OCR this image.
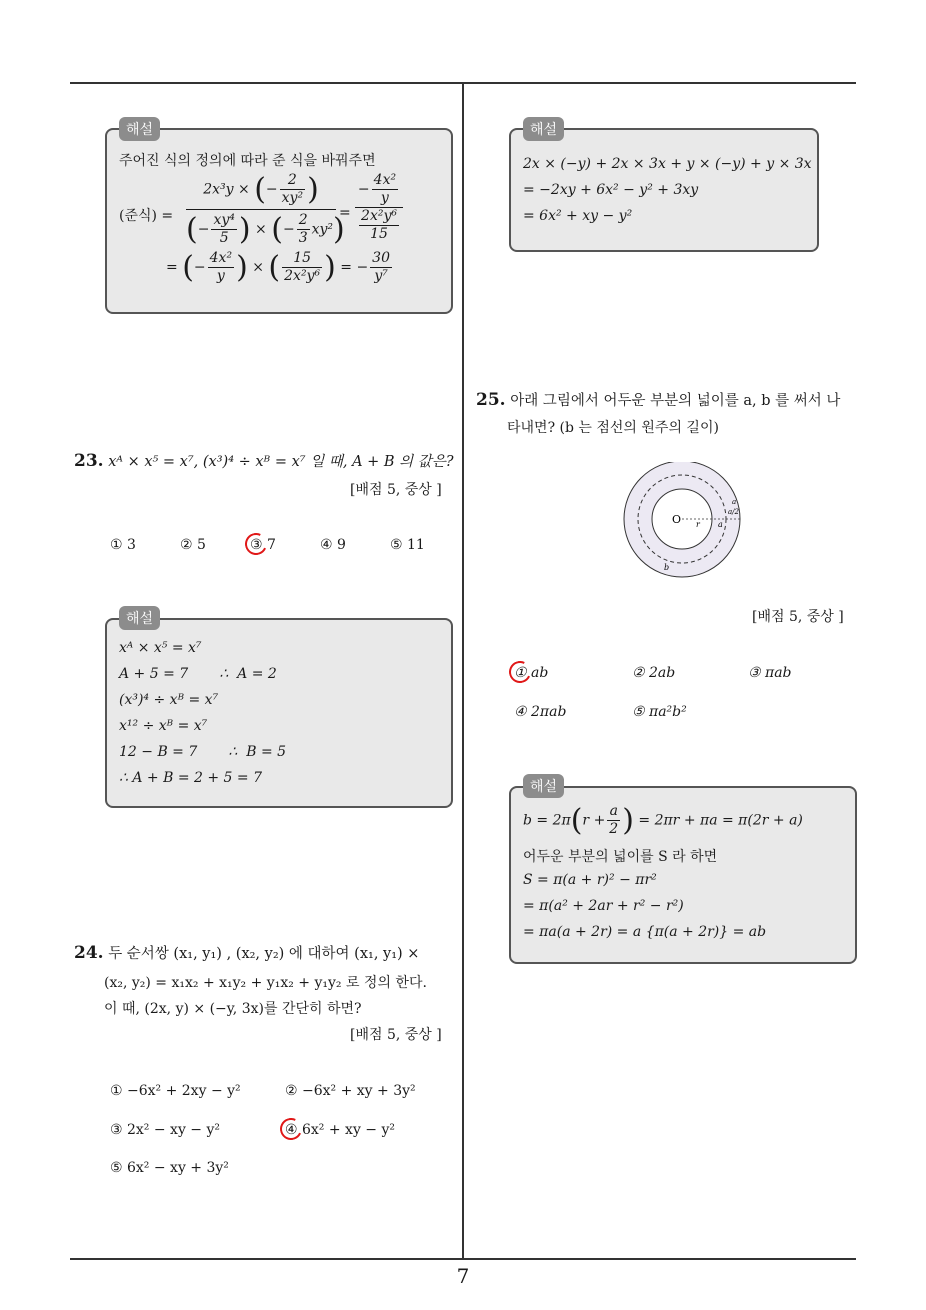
해설
주어진 식의 정의에 따라 준 식을 바꿔주면
(준식) =
2x³y × (− $\frac{2}{\text{xy²}}$ )
(− $\frac{\text{xy⁴}}{5}$ ) × (− $\frac{2}{3} xy^2$)
=
− $\frac{\text{4x²}}{y}$
$\frac{\text{2x²y⁶}}{15}$
= (− $\frac{\text{4x²}}{y}$ ) × ( $\frac{15}{\text{2x²y⁶}}$ ) = − $\frac{30}{\text{y⁷}}$
23. xᴬ × x⁵ = x⁷, (x³)⁴ ÷ xᴮ = x⁷ 일 때, A + B 의 값은?
[배점 5, 중상 ]
① 3	② 5	③ 7	④ 9	⑤ 11
해설
xᴬ × x⁵ = x⁷
A + 5 = 7       ∴  A = 2
(x³)⁴ ÷ xᴮ = x⁷
x¹² ÷ xᴮ = x⁷
12 − B = 7       ∴  B = 5
∴ A + B = 2 + 5 = 7
24. 두 순서쌍 (x₁, y₁) , (x₂, y₂) 에 대하여 (x₁, y₁) ×
(x₂, y₂) = x₁x₂ + x₁y₂ + y₁x₂ + y₁y₂ 로 정의 한다.
이 때, (2x, y) × (−y, 3x)를 간단히 하면?
[배점 5, 중상 ]
① −6x² + 2xy − y²	② −6x² + xy + 3y²
③ 2x² − xy − y²	④ 6x² + xy − y²
⑤ 6x² − xy + 3y²
해설
2x × (−y) + 2x × 3x + y × (−y) + y × 3x
= −2xy + 6x² − y² + 3xy
= 6x² + xy − y²
25. 아래 그림에서 어두운 부분의 넓이를 a, b 를 써서 나
타내면? (b 는 점선의 원주의 길이)
O r a
a/2
a
b
[배점 5, 중상 ]
① ab	② 2ab	③ πab
④ 2πab	⑤ πa²b²
해설
$b = 2\pi(r + \frac{a}{2}$ ) = 2πr + πa = π(2r + a)
어두운 부분의 넓이를 S 라 하면
S = π(a + r)² − πr²
= π(a² + 2ar + r² − r²)
= πa(a + 2r) = a {π(a + 2r)} = ab
7
